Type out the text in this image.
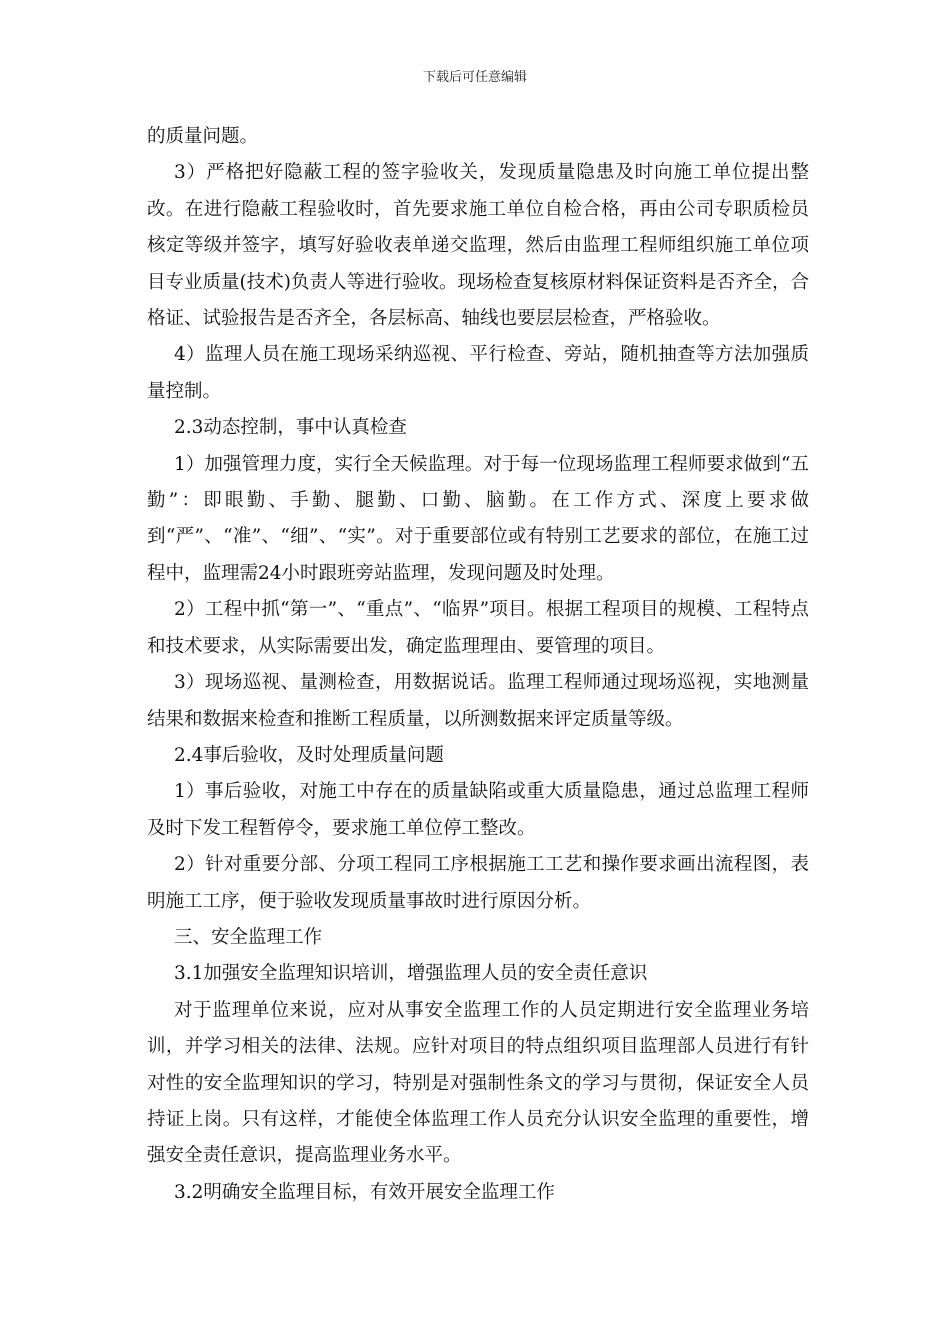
下载后可任意编辑

的质量问题。

3）严格把好隐蔽工程的签字验收关，发现质量隐患及时向施工单位提出整改。在进行隐蔽工程验收时，首先要求施工单位自检合格，再由公司专职质检员核定等级并签字，填写好验收表单递交监理，然后由监理工程师组织施工单位项目专业质量(技术)负责人等进行验收。现场检查复核原材料保证资料是否齐全，合格证、试验报告是否齐全，各层标高、轴线也要层层检查，严格验收。

4）监理人员在施工现场采纳巡视、平行检查、旁站，随机抽查等方法加强质量控制。

2.3动态控制，事中认真检查

1）加强管理力度，实行全天候监理。对于每一位现场监理工程师要求做到“五勤”：即眼勤、手勤、腿勤、口勤、脑勤。在工作方式、深度上要求做到“严”、“准”、“细”、“实”。对于重要部位或有特别工艺要求的部位，在施工过程中，监理需24小时跟班旁站监理，发现问题及时处理。

2）工程中抓“第一”、“重点”、“临界”项目。根据工程项目的规模、工程特点和技术要求，从实际需要出发，确定监理理由、要管理的项目。

3）现场巡视、量测检查，用数据说话。监理工程师通过现场巡视，实地测量结果和数据来检查和推断工程质量，以所测数据来评定质量等级。

2.4事后验收，及时处理质量问题

1）事后验收，对施工中存在的质量缺陷或重大质量隐患，通过总监理工程师及时下发工程暂停令，要求施工单位停工整改。

2）针对重要分部、分项工程同工序根据施工工艺和操作要求画出流程图，表明施工工序，便于验收发现质量事故时进行原因分析。

三、安全监理工作

3.1加强安全监理知识培训，增强监理人员的安全责任意识

对于监理单位来说，应对从事安全监理工作的人员定期进行安全监理业务培训，并学习相关的法律、法规。应针对项目的特点组织项目监理部人员进行有针对性的安全监理知识的学习，特别是对强制性条文的学习与贯彻，保证安全人员持证上岗。只有这样，才能使全体监理工作人员充分认识安全监理的重要性，增强安全责任意识，提高监理业务水平。

3.2明确安全监理目标，有效开展安全监理工作
